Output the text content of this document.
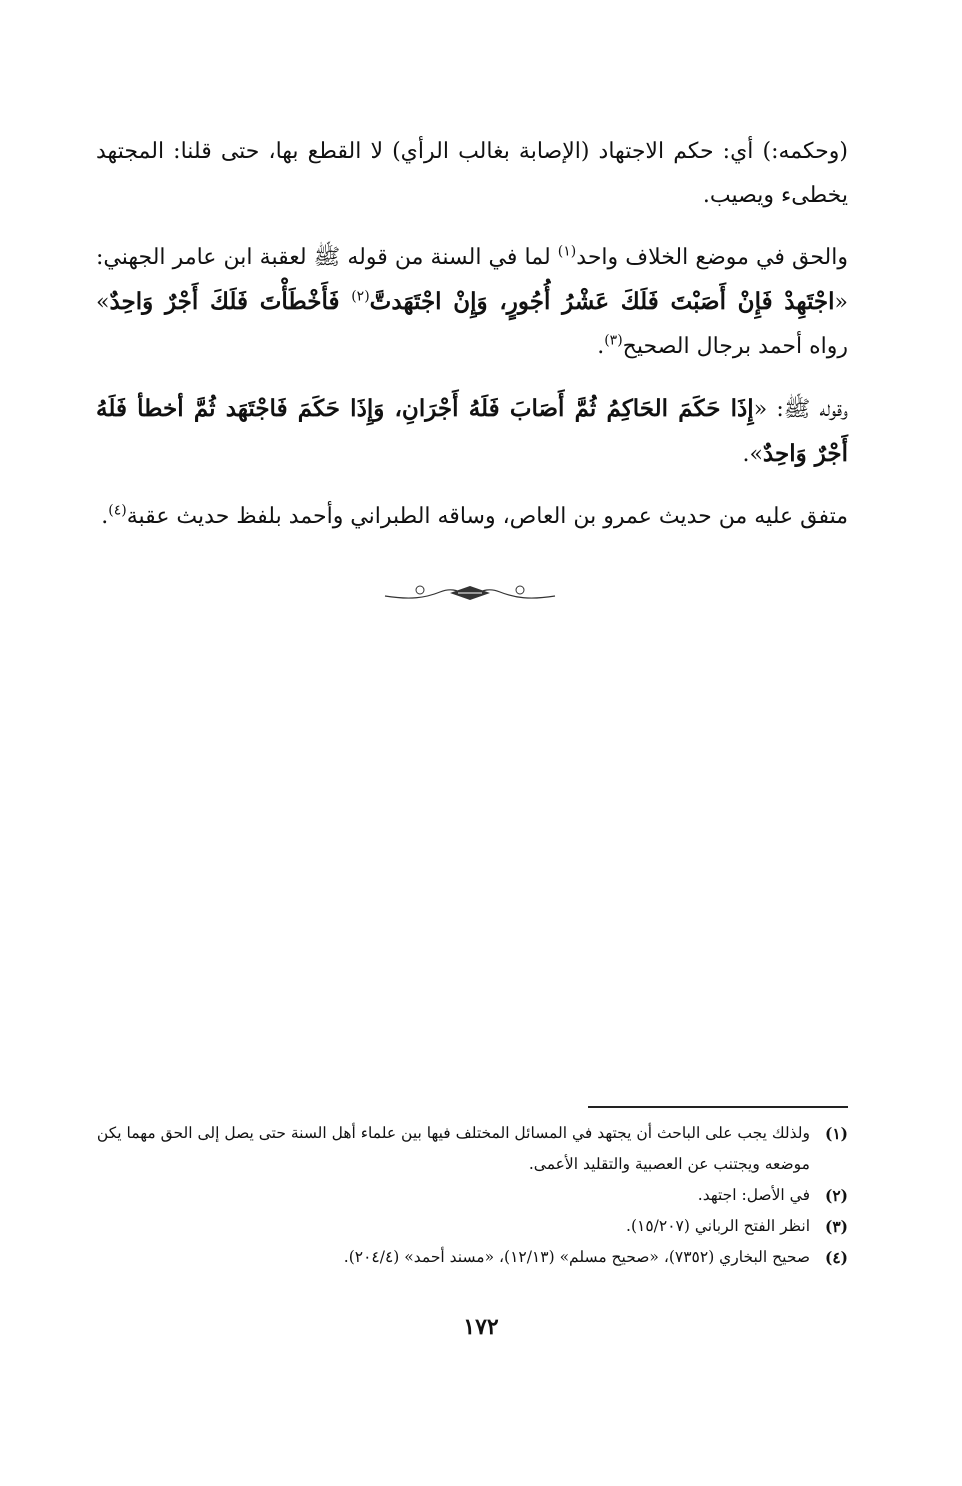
(وحكمه:) أي: حكم الاجتهاد (الإصابة بغالب الرأي) لا القطع بها، حتى قلنا: المجتهد يخطىء ويصيب.

والحق في موضع الخلاف واحد$^{(١)}$ لما في السنة من قوله ﷺ لعقبة ابن عامر الجهني: «اجْتَهِدْ فَإِنْ أَصَبْتَ فَلَكَ عَشْرُ أُجُورٍ، وَإِنْ اجْتَهَدتَّ$^{(٢)}$ فَأَخْطَأْتَ فَلَكَ أَجْرٌ وَاحِدٌ» رواه أحمد برجال الصحيح$^{(٣)}$.

وقوله ﷺ: «إِذَا حَكَمَ الحَاكِمُ ثُمَّ أَصَابَ فَلَهُ أَجْرَانِ، وَإِذَا حَكَمَ فَاجْتَهَد ثُمَّ أخطأ فَلَهُ أَجْرٌ وَاحِدٌ».

متفق عليه من حديث عمرو بن العاص، وساقه الطبراني وأحمد بلفظ حديث عقبة$^{(٤)}$.

(١)
ولذلك يجب على الباحث أن يجتهد في المسائل المختلف فيها بين علماء أهل السنة حتى يصل إلى الحق مهما يكن موضعه ويجتنب عن العصبية والتقليد الأعمى.
(٢)
في الأصل: اجتهد.
(٣)
انظر الفتح الرباني (١٥/٢٠٧).
(٤)
صحيح البخاري (٧٣٥٢)، «صحيح مسلم» (١٢/١٣)، «مسند أحمد» (٢٠٤/٤).
١٧٢
